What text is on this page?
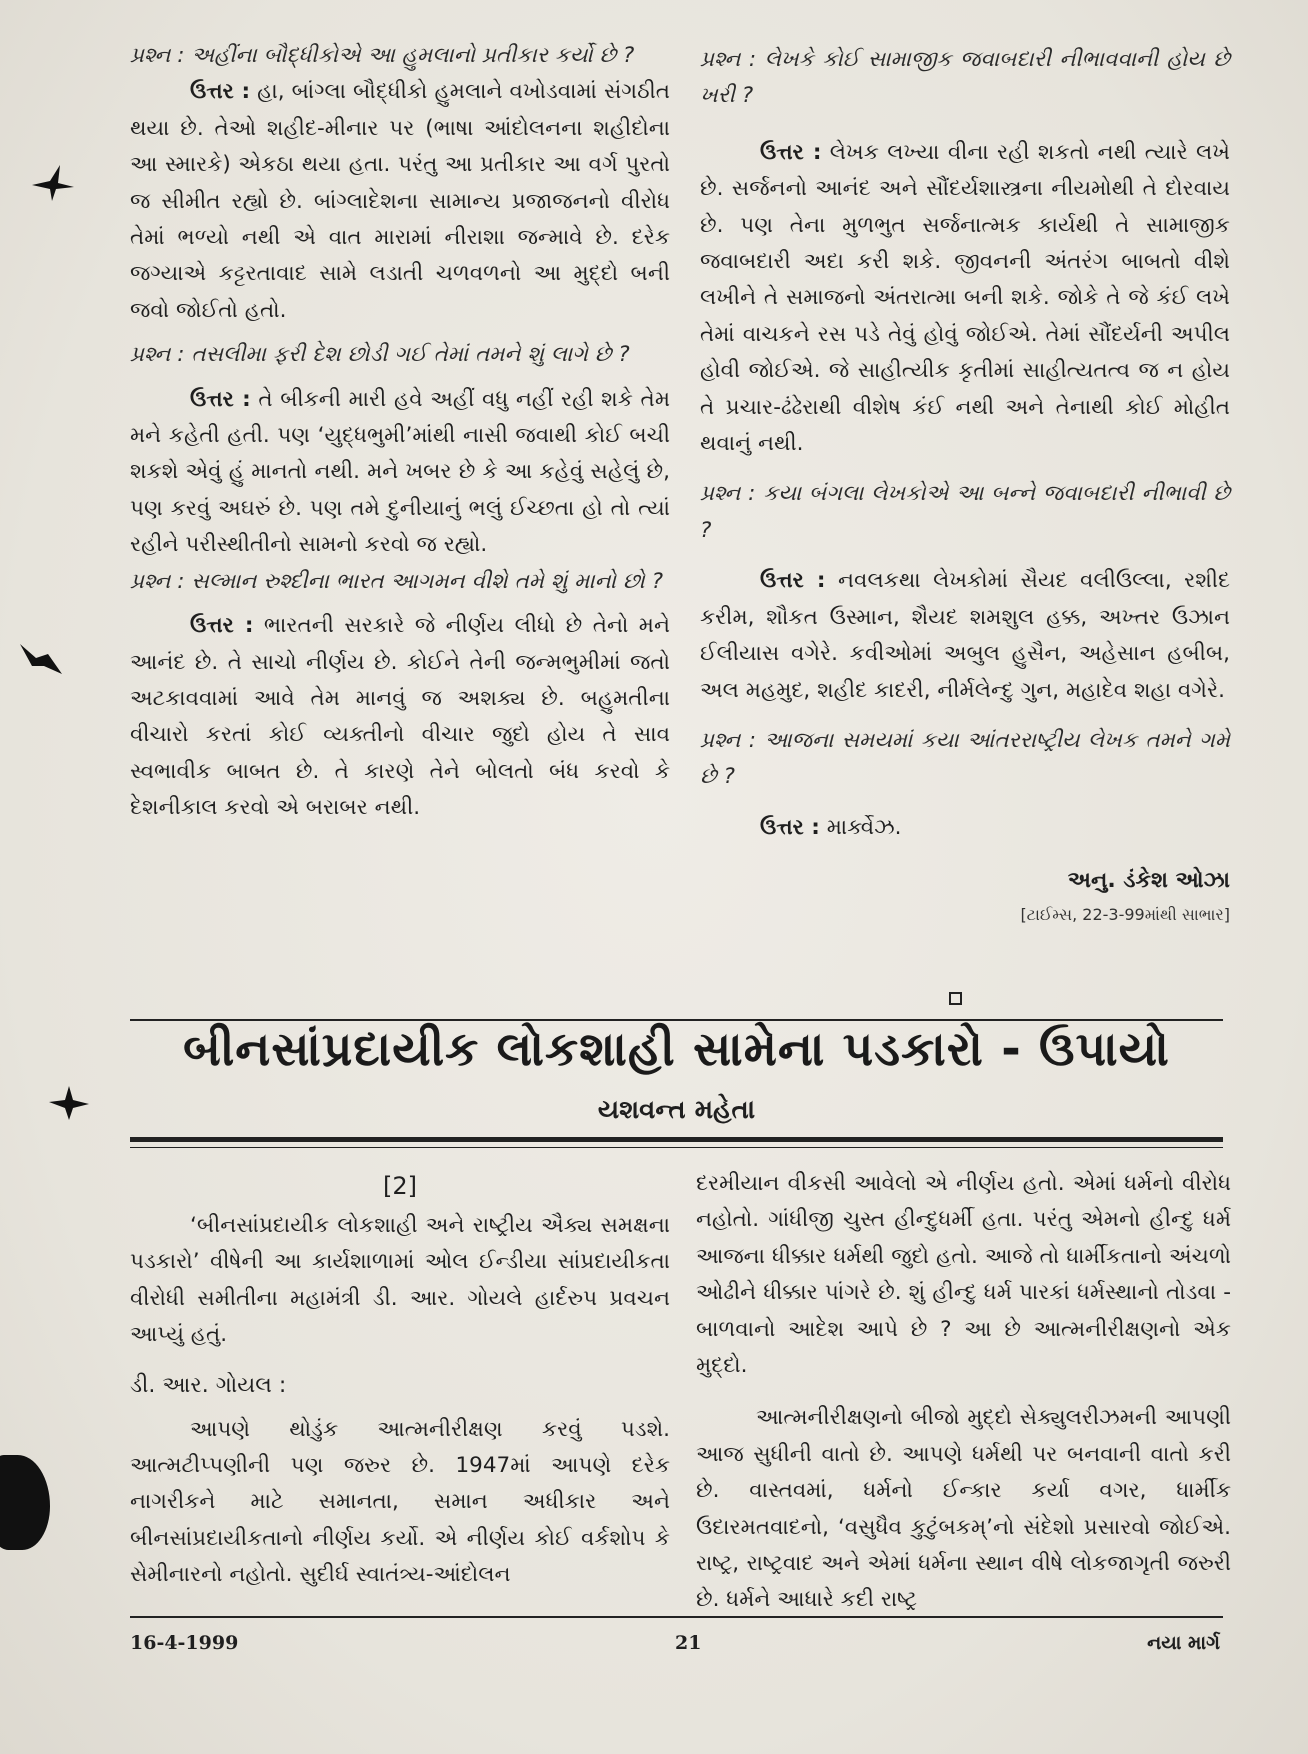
પ્રશ્ન : અહીંના બૌદ્ધીકોએ આ હુમલાનો પ્રતીકાર કર્યો છે ?

ઉત્તર : હા, બાંગ્લા બૌદ્ધીકો હુમલાને વખોડવામાં સંગઠીત થયા છે. તેઓ શહીદ-મીનાર પર (ભાષા આંદોલનના શહીદોના આ સ્મારકે) એકઠા થયા હતા. પરંતુ આ પ્રતીકાર આ વર્ગ પુરતો જ સીમીત રહ્યો છે. બાંગ્લાદેશના સામાન્ય પ્રજાજનનો વીરોધ તેમાં ભળ્યો નથી એ વાત મારામાં નીરાશા જન્માવે છે. દરેક જગ્યાએ કટ્ટરતાવાદ સામે લડાતી ચળવળનો આ મુદ્દો બની જવો જોઈતો હતો.

પ્રશ્ન : તસલીમા ફરી દેશ છોડી ગઈ તેમાં તમને શું લાગે છે ?

ઉત્તર : તે બીકની મારી હવે અહીં વધુ નહીં રહી શકે તેમ મને કહેતી હતી. પણ ‘યુદ્ધભુમી’માંથી નાસી જવાથી કોઈ બચી શકશે એવું હું માનતો નથી. મને ખબર છે કે આ કહેવું સહેલું છે, પણ કરવું અઘરું છે. પણ તમે દુનીયાનું ભલું ઈચ્છતા હો તો ત્યાં રહીને પરીસ્થીતીનો સામનો કરવો જ રહ્યો.

પ્રશ્ન : સલ્માન રુશ્દીના ભારત આગમન વીશે તમે શું માનો છો ?

ઉત્તર : ભારતની સરકારે જે નીર્ણય લીધો છે તેનો મને આનંદ છે. તે સાચો નીર્ણય છે. કોઈને તેની જન્મભુમીમાં જતો અટકાવવામાં આવે તેમ માનવું જ અશક્ય છે. બહુમતીના વીચારો કરતાં કોઈ વ્યક્તીનો વીચાર જુદો હોય તે સાવ સ્વભાવીક બાબત છે. તે કારણે તેને બોલતો બંધ કરવો કે દેશનીકાલ કરવો એ બરાબર નથી.

પ્રશ્ન : લેખકે કોઈ સામાજીક જવાબદારી નીભાવવાની હોય છે ખરી ?

ઉત્તર : લેખક લખ્યા વીના રહી શકતો નથી ત્યારે લખે છે. સર્જનનો આનંદ અને સૌંદર્યશાસ્ત્રના નીયમોથી તે દોરવાય છે. પણ તેના મુળભુત સર્જનાત્મક કાર્યથી તે સામાજીક જવાબદારી અદા કરી શકે. જીવનની અંતરંગ બાબતો વીશે લખીને તે સમાજનો અંતરાત્મા બની શકે. જોકે તે જે કંઈ લખે તેમાં વાચકને રસ પડે તેવું હોવું જોઈએ. તેમાં સૌંદર્યની અપીલ હોવી જોઈએ. જે સાહીત્યીક કૃતીમાં સાહીત્યતત્વ જ ન હોય તે પ્રચાર-ઢંઢેરાથી વીશેષ કંઈ નથી અને તેનાથી કોઈ મોહીત થવાનું નથી.

પ્રશ્ન : કયા બંગલા લેખકોએ આ બન્ને જવાબદારી નીભાવી છે ?

ઉત્તર : નવલકથા લેખકોમાં સૈયદ વલીઉલ્લા, રશીદ કરીમ, શૌકત ઉસ્માન, શૈયદ શમશુલ હક્ક, અખ્તર ઉઝાન ઈલીયાસ વગેરે. કવીઓમાં અબુલ હુસૈન, અહેસાન હબીબ, અલ મહમુદ, શહીદ કાદરી, નીર્મલેન્દુ ગુન, મહાદેવ શહા વગેરે.

પ્રશ્ન : આજના સમયમાં કયા આંતરરાષ્ટ્રીય લેખક તમને ગમે છે ?

ઉત્તર : માર્ક્વેઝ.

અનુ. ડંકેશ ઓઝા
[ટાઈમ્સ, 22-3-99માંથી સાભાર]
બીનસાંપ્રદાયીક લોકશાહી સામેના પડકારો - ઉપાયો
યશવન્ત મહેતા
[2]

‘બીનસાંપ્રદાયીક લોકશાહી અને રાષ્ટ્રીય ઐક્ય સમક્ષના પડકારો’ વીષેની આ કાર્યશાળામાં ઓલ ઈન્ડીયા સાંપ્રદાયીકતા વીરોધી સમીતીના મહામંત્રી ડી. આર. ગોયલે હાર્દરુપ પ્રવચન આપ્યું હતું.

ડી. આર. ગોયલ :

આપણે થોડુંક આત્મનીરીક્ષણ કરવું પડશે. આત્મટીપ્પણીની પણ જરુર છે. 1947માં આપણે દરેક નાગરીકને માટે સમાનતા, સમાન અધીકાર અને બીનસાંપ્રદાયીકતાનો નીર્ણય કર્યો. એ નીર્ણય કોઈ વર્કશોપ કે સેમીનારનો નહોતો. સુદીર્ઘ સ્વાતંત્ર્ય-આંદોલન

દરમીયાન વીકસી આવેલો એ નીર્ણય હતો. એમાં ધર્મનો વીરોધ નહોતો. ગાંધીજી ચુસ્ત હીન્દુધર્મી હતા. પરંતુ એમનો હીન્દુ ધર્મ આજના ધીક્કાર ધર્મથી જુદો હતો. આજે તો ધાર્મીકતાનો અંચળો ઓઢીને ધીક્કાર પાંગરે છે. શું હીન્દુ ધર્મ પારકાં ધર્મસ્થાનો તોડવા - બાળવાનો આદેશ આપે છે ? આ છે આત્મનીરીક્ષણનો એક મુદ્દો.

આત્મનીરીક્ષણનો બીજો મુદ્દો સેક્યુલરીઝમની આપણી આજ સુધીની વાતો છે. આપણે ધર્મથી પર બનવાની વાતો કરી છે. વાસ્તવમાં, ધર્મનો ઈન્કાર કર્યા વગર, ધાર્મીક ઉદારમતવાદનો, ‘વસુધૈવ કુટુંબકમ્’નો સંદેશો પ્રસારવો જોઈએ. રાષ્ટ્ર, રાષ્ટ્રવાદ અને એમાં ધર્મના સ્થાન વીષે લોકજાગૃતી જરુરી છે. ધર્મને આધારે કદી રાષ્ટ્ર

16-4-1999	21	નયા માર્ગ
